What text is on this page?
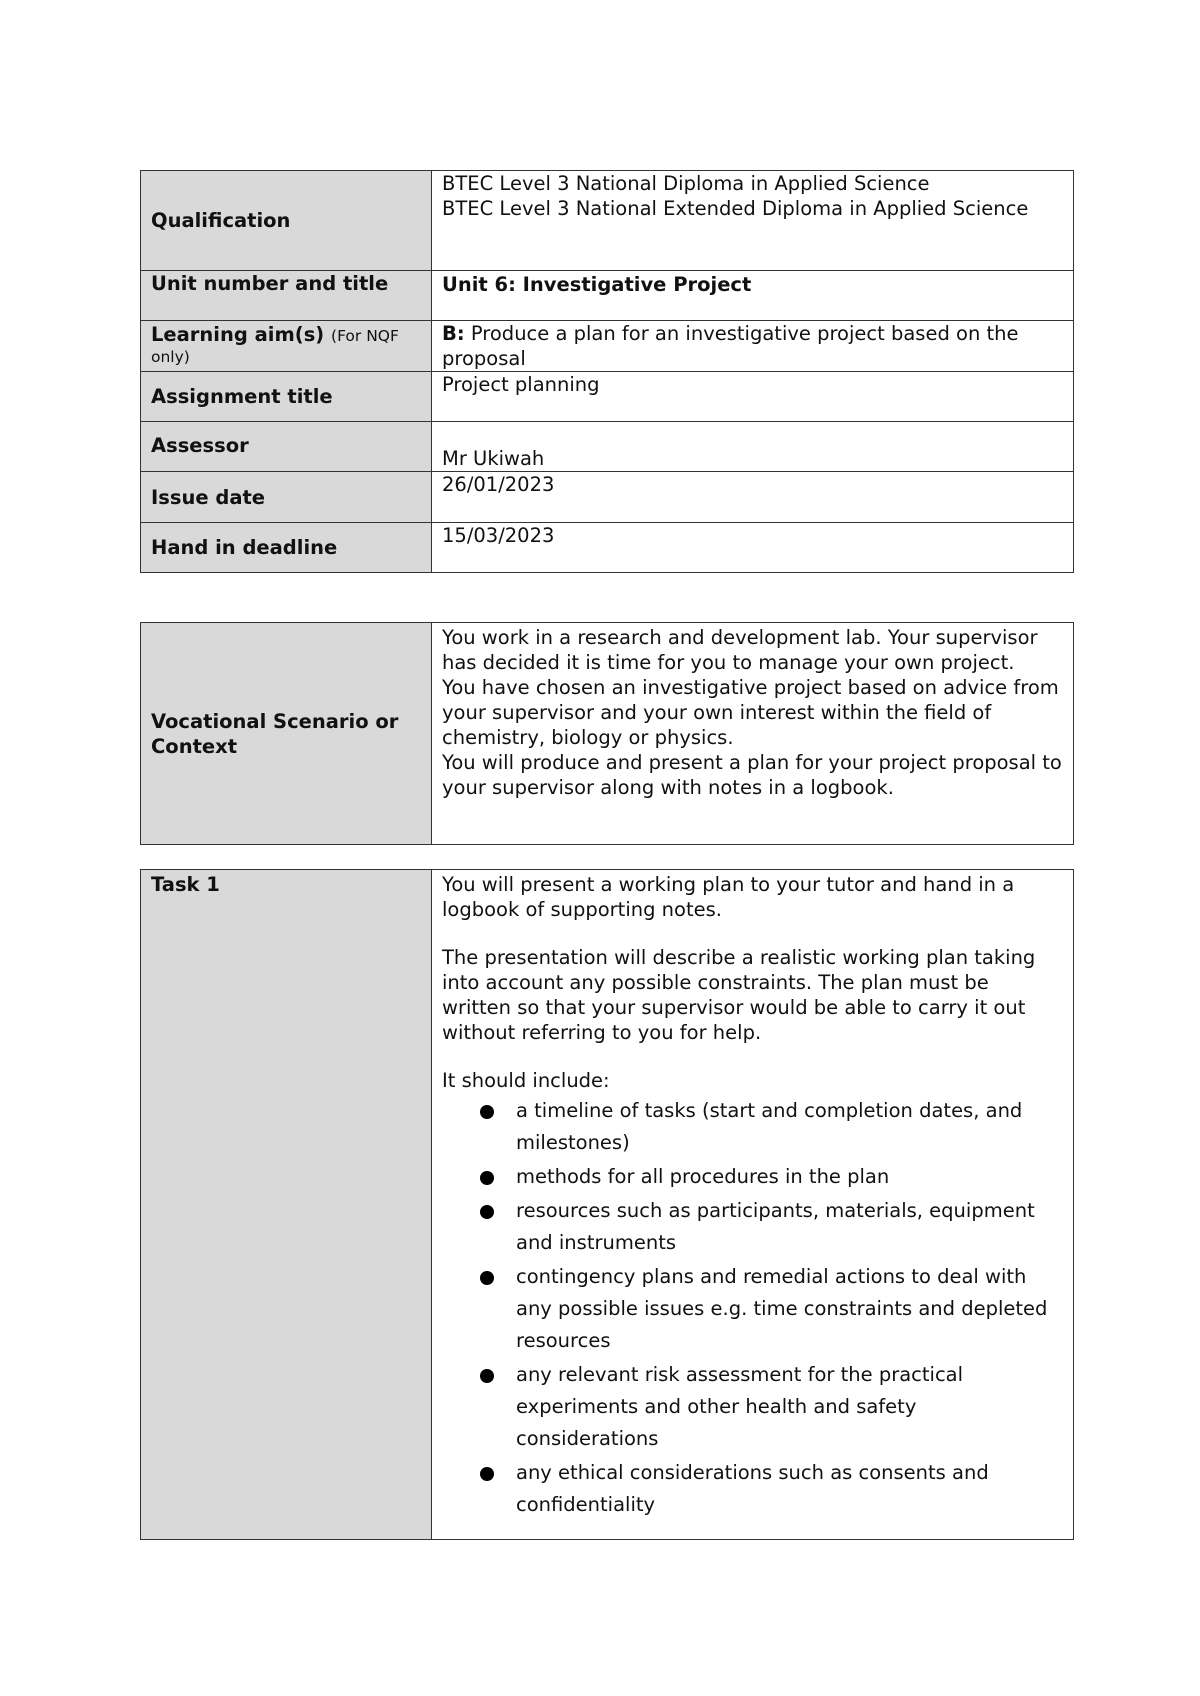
Qualification	BTEC Level 3 National Diploma in Applied Science
BTEC Level 3 National Extended Diploma in Applied Science

Unit number and title	Unit 6: Investigative Project

Learning aim(s) (For NQF only)	B: Produce a plan for an investigative project based on the proposal
Assignment title	Project planning
Assessor	Mr Ukiwah
Issue date	26/01/2023
Hand in deadline	15/03/2023
Vocational Scenario or Context	

You work in a research and development lab. Your supervisor has decided it is time for you to manage your own project.

You have chosen an investigative project based on advice from your supervisor and your own interest within the field of chemistry, biology or physics.

You will produce and present a plan for your project proposal to your supervisor along with notes in a logbook.

Task 1	You will present a working plan to your tutor and hand in a logbook of supporting notes.

The presentation will describe a realistic working plan taking into account any possible constraints. The plan must be written so that your supervisor would be able to carry it out without referring to you for help.

It should include:

a timeline of tasks (start and completion dates, and milestones)
methods for all procedures in the plan
resources such as participants, materials, equipment and instruments
contingency plans and remedial actions to deal with any possible issues e.g. time constraints and depleted resources
any relevant risk assessment for the practical experiments and other health and safety considerations
any ethical considerations such as consents and confidentiality
